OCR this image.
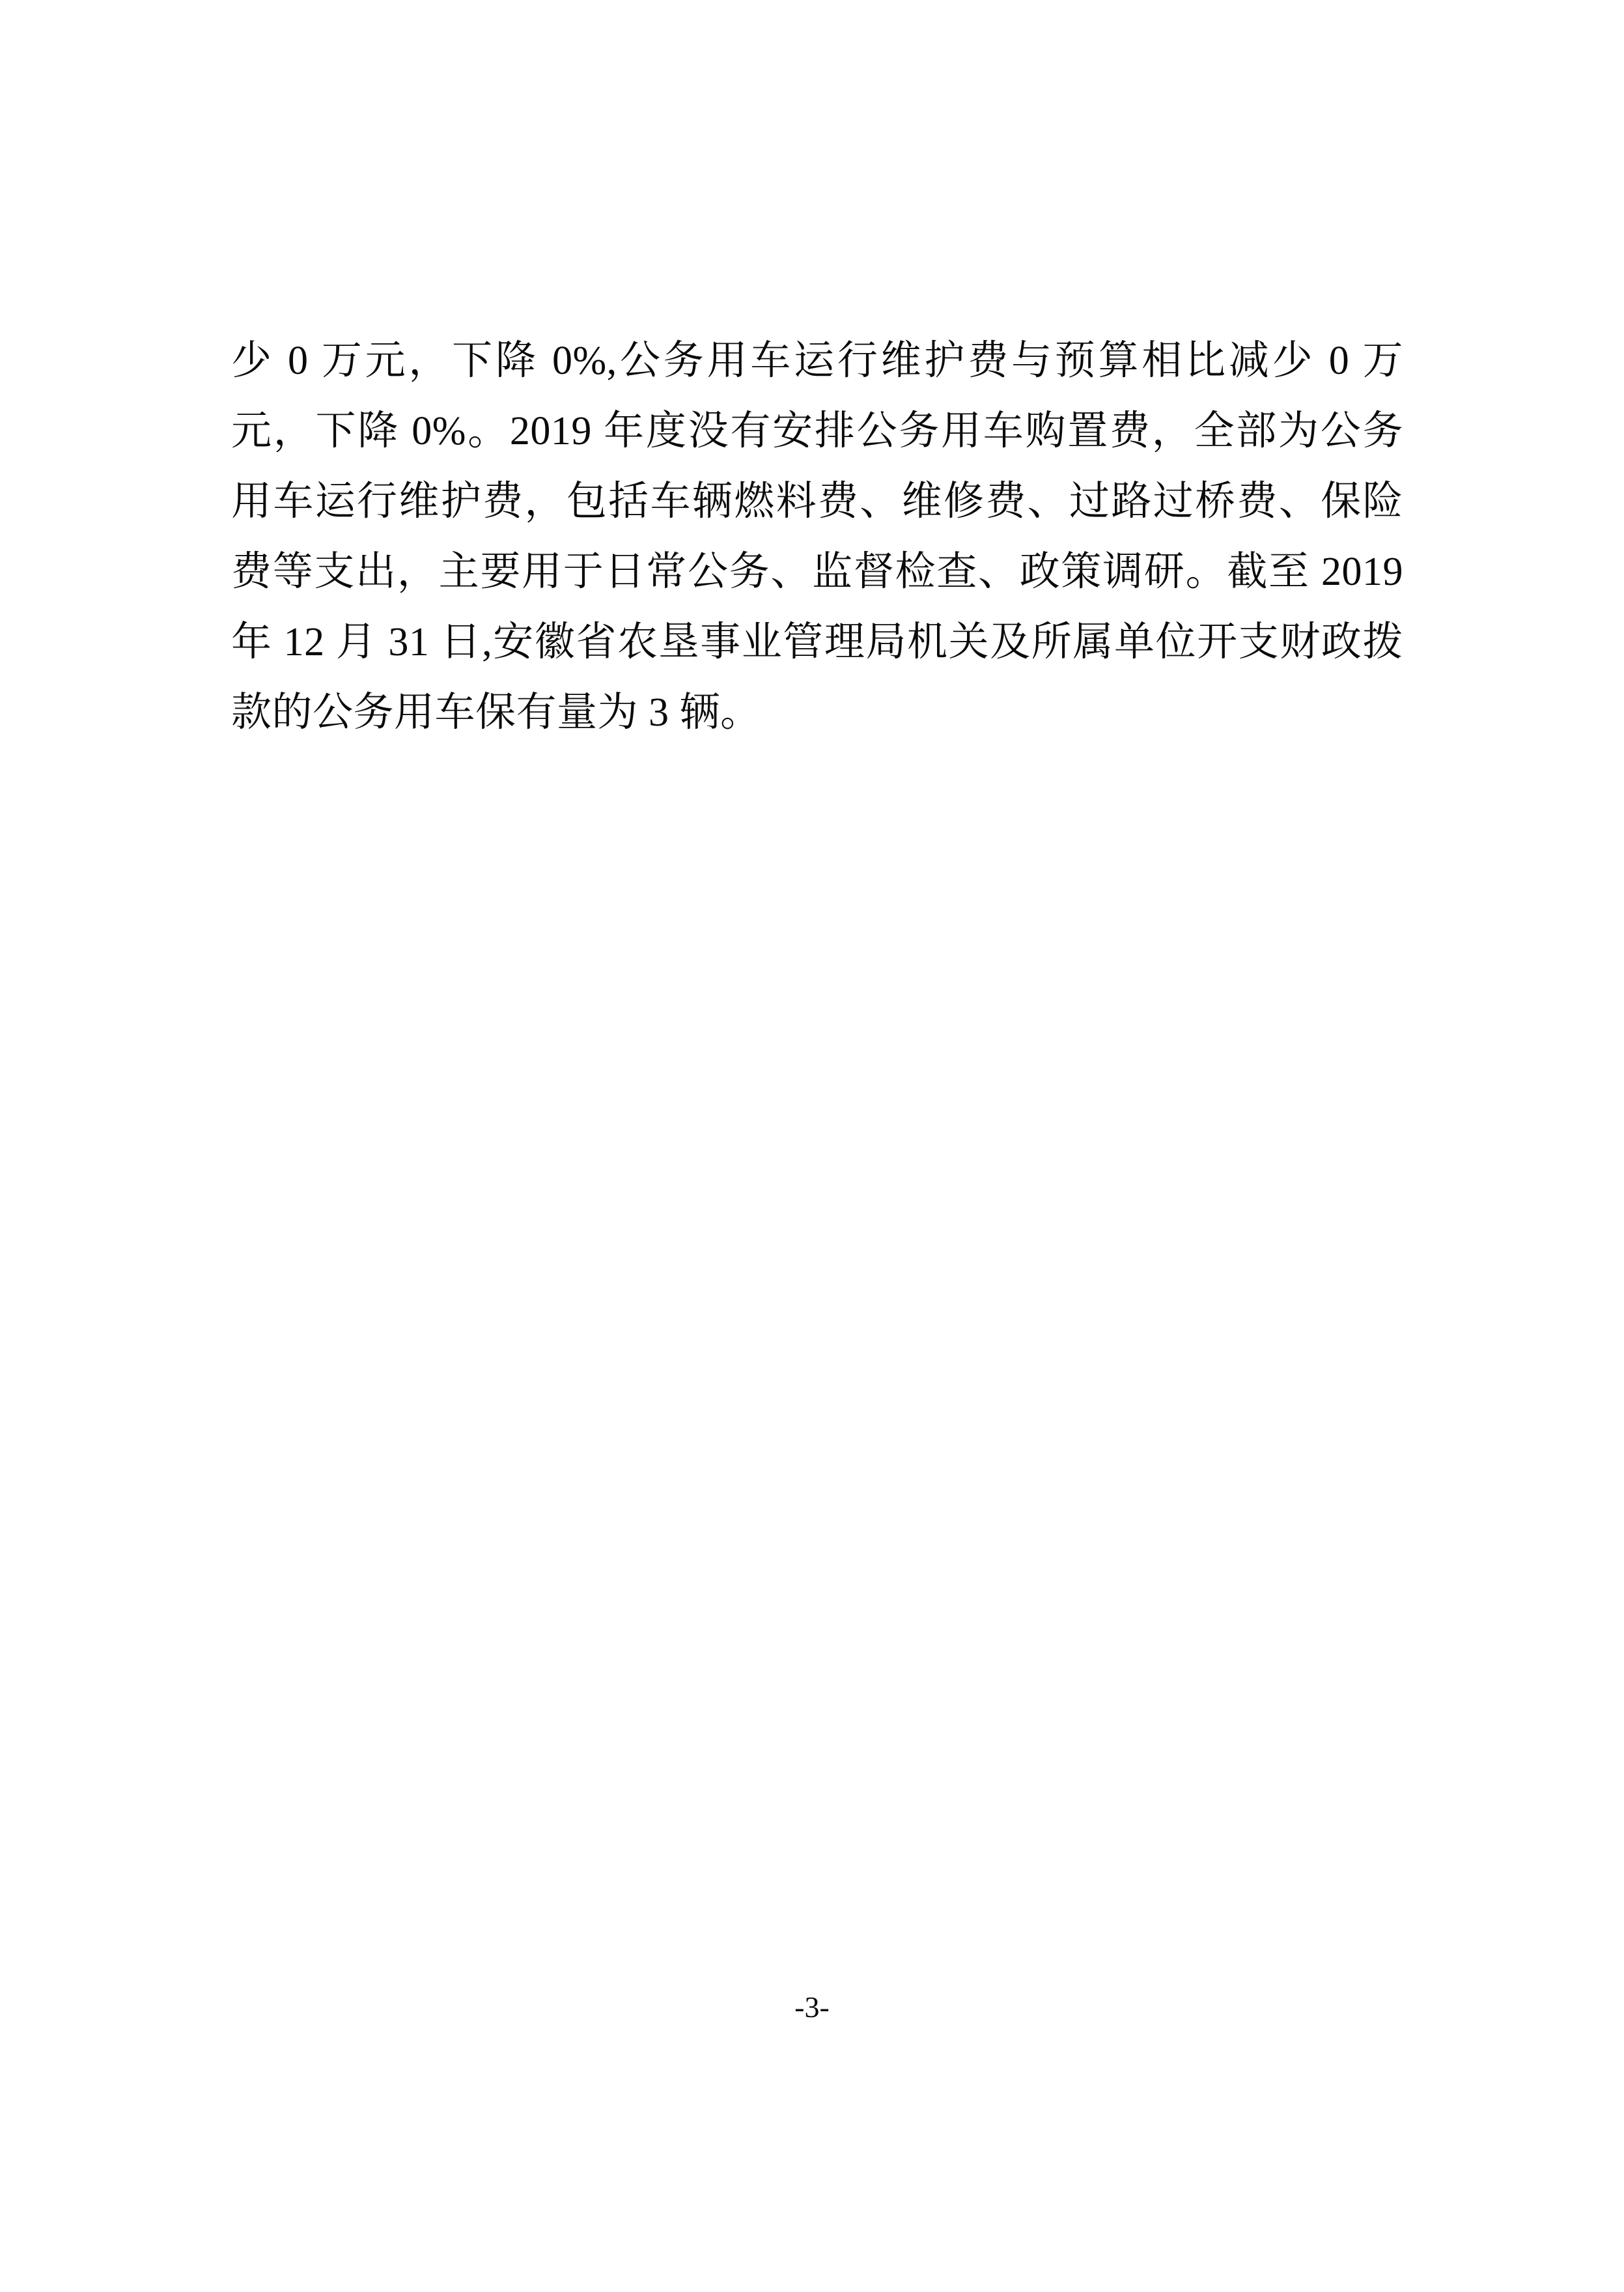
少 0 万元，下降 0%,公务用车运行维护费与预算相比减少 0 万元，下降 0%。2019 年度没有安排公务用车购置费，全部为公务用车运行维护费，包括车辆燃料费、维修费、过路过桥费、保险费等支出，主要用于日常公务、监督检查、政策调研。截至 2019 年 12 月 31 日,安徽省农垦事业管理局机关及所属单位开支财政拨款的公务用车保有量为 3 辆。

-3-
